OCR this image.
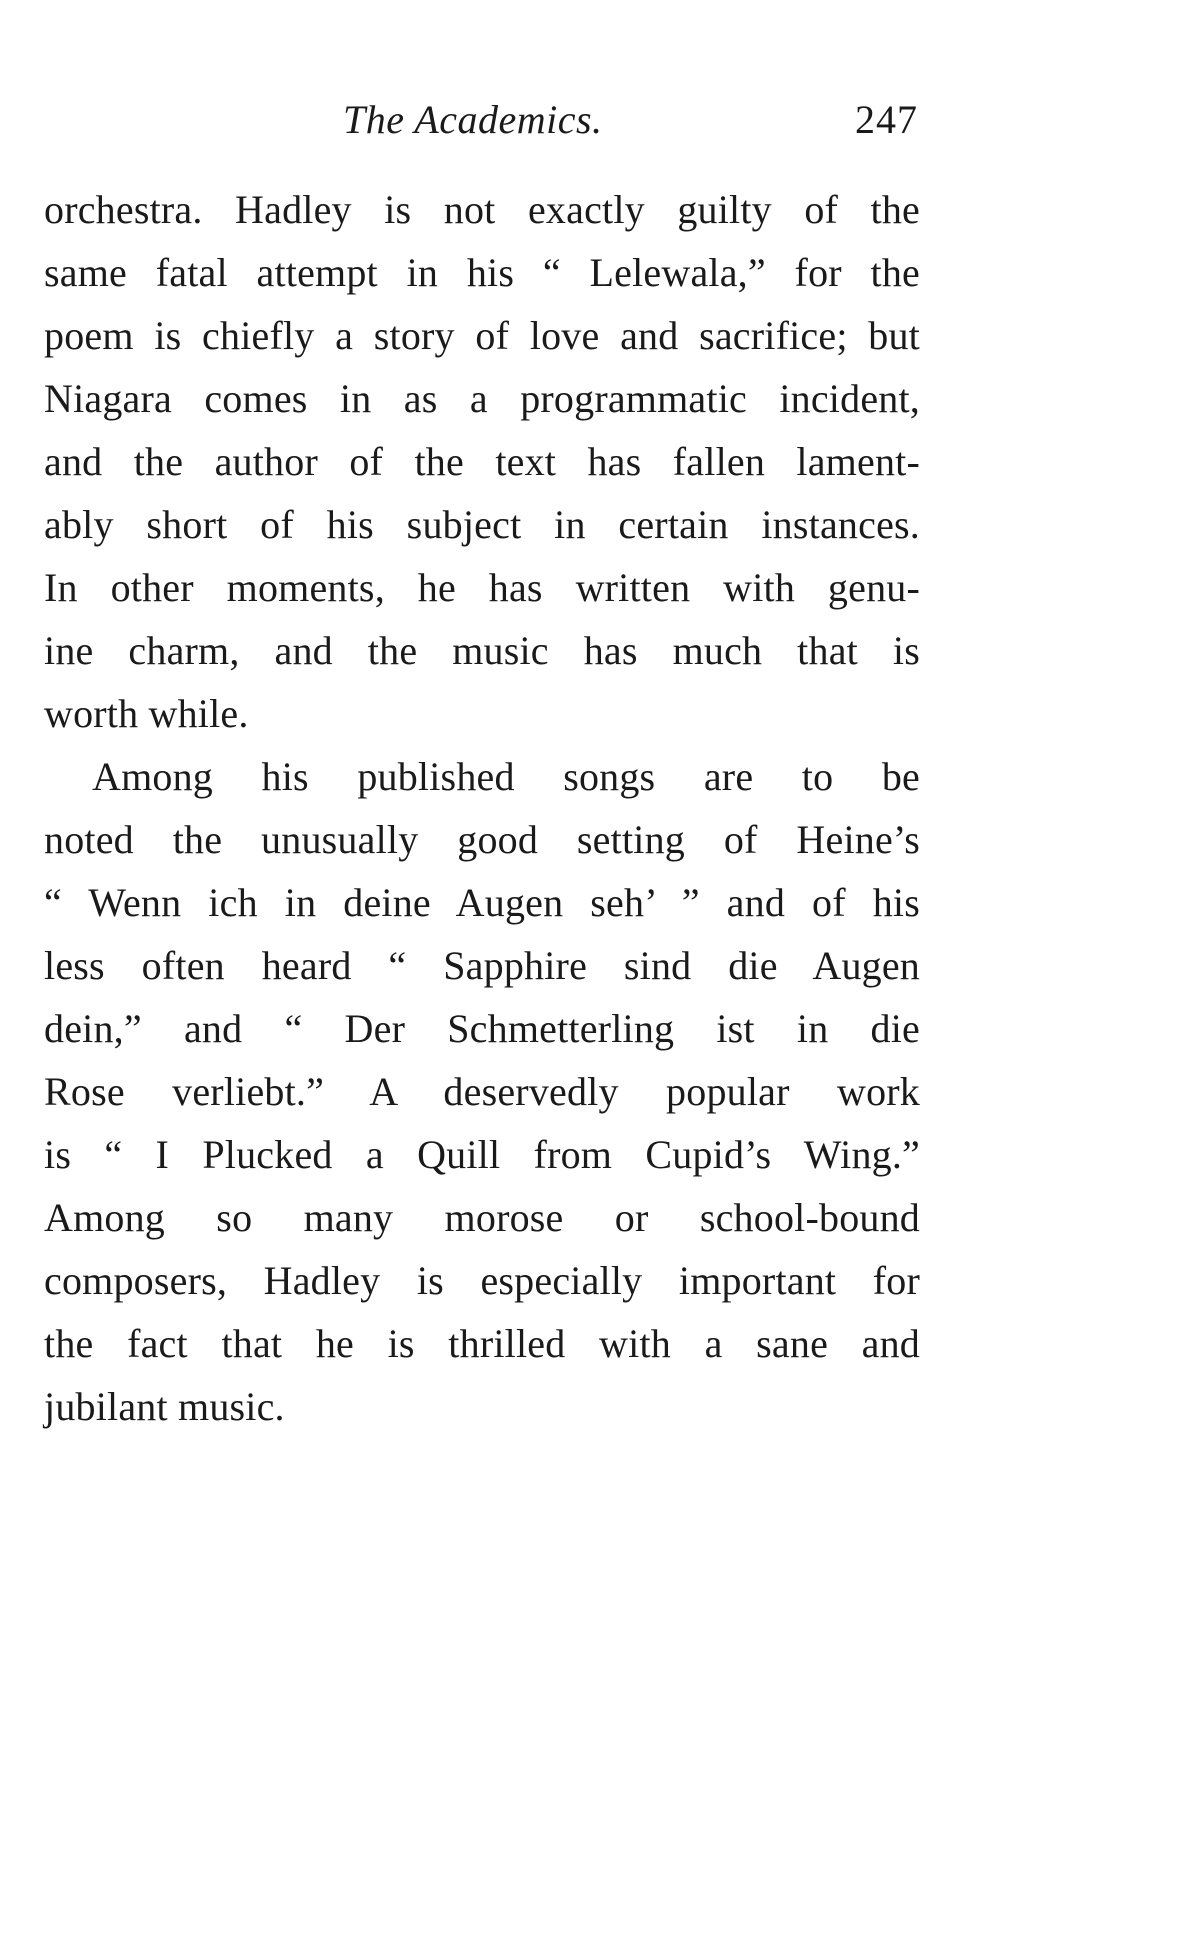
The Academics.	247
orchestra. Hadley is not exactly guilty of the
same fatal attempt in his “ Lelewala,” for the
poem is chiefly a story of love and sacrifice; but
Niagara comes in as a programmatic incident,
and the author of the text has fallen lament-
ably short of his subject in certain instances.
In other moments, he has written with genu-
ine charm, and the music has much that is
worth while.
Among his published songs are to be
noted the unusually good setting of Heine’s
“ Wenn ich in deine Augen seh’ ” and of his
less often heard “ Sapphire sind die Augen
dein,” and “ Der Schmetterling ist in die
Rose verliebt.” A deservedly popular work
is “ I Plucked a Quill from Cupid’s Wing.”
Among so many morose or school-bound
composers, Hadley is especially important for
the fact that he is thrilled with a sane and
jubilant music.
